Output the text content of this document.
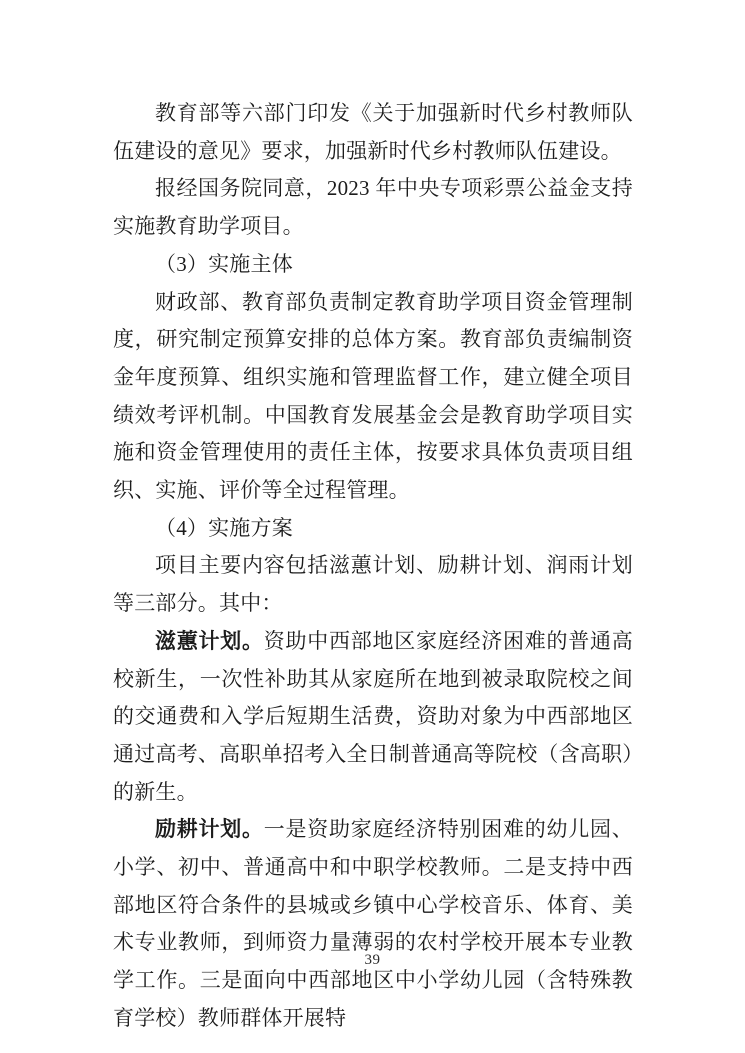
教育部等六部门印发《关于加强新时代乡村教师队伍建设的意见》要求，加强新时代乡村教师队伍建设。

报经国务院同意，2023 年中央专项彩票公益金支持实施教育助学项目。

（3）实施主体

财政部、教育部负责制定教育助学项目资金管理制度，研究制定预算安排的总体方案。教育部负责编制资金年度预算、组织实施和管理监督工作，建立健全项目绩效考评机制。中国教育发展基金会是教育助学项目实施和资金管理使用的责任主体，按要求具体负责项目组织、实施、评价等全过程管理。

（4）实施方案

项目主要内容包括滋蕙计划、励耕计划、润雨计划等三部分。其中：

滋蕙计划。资助中西部地区家庭经济困难的普通高校新生，一次性补助其从家庭所在地到被录取院校之间的交通费和入学后短期生活费，资助对象为中西部地区通过高考、高职单招考入全日制普通高等院校（含高职）的新生。

励耕计划。一是资助家庭经济特别困难的幼儿园、小学、初中、普通高中和中职学校教师。二是支持中西部地区符合条件的县城或乡镇中心学校音乐、体育、美术专业教师，到师资力量薄弱的农村学校开展本专业教学工作。三是面向中西部地区中小学幼儿园（含特殊教育学校）教师群体开展特

39
